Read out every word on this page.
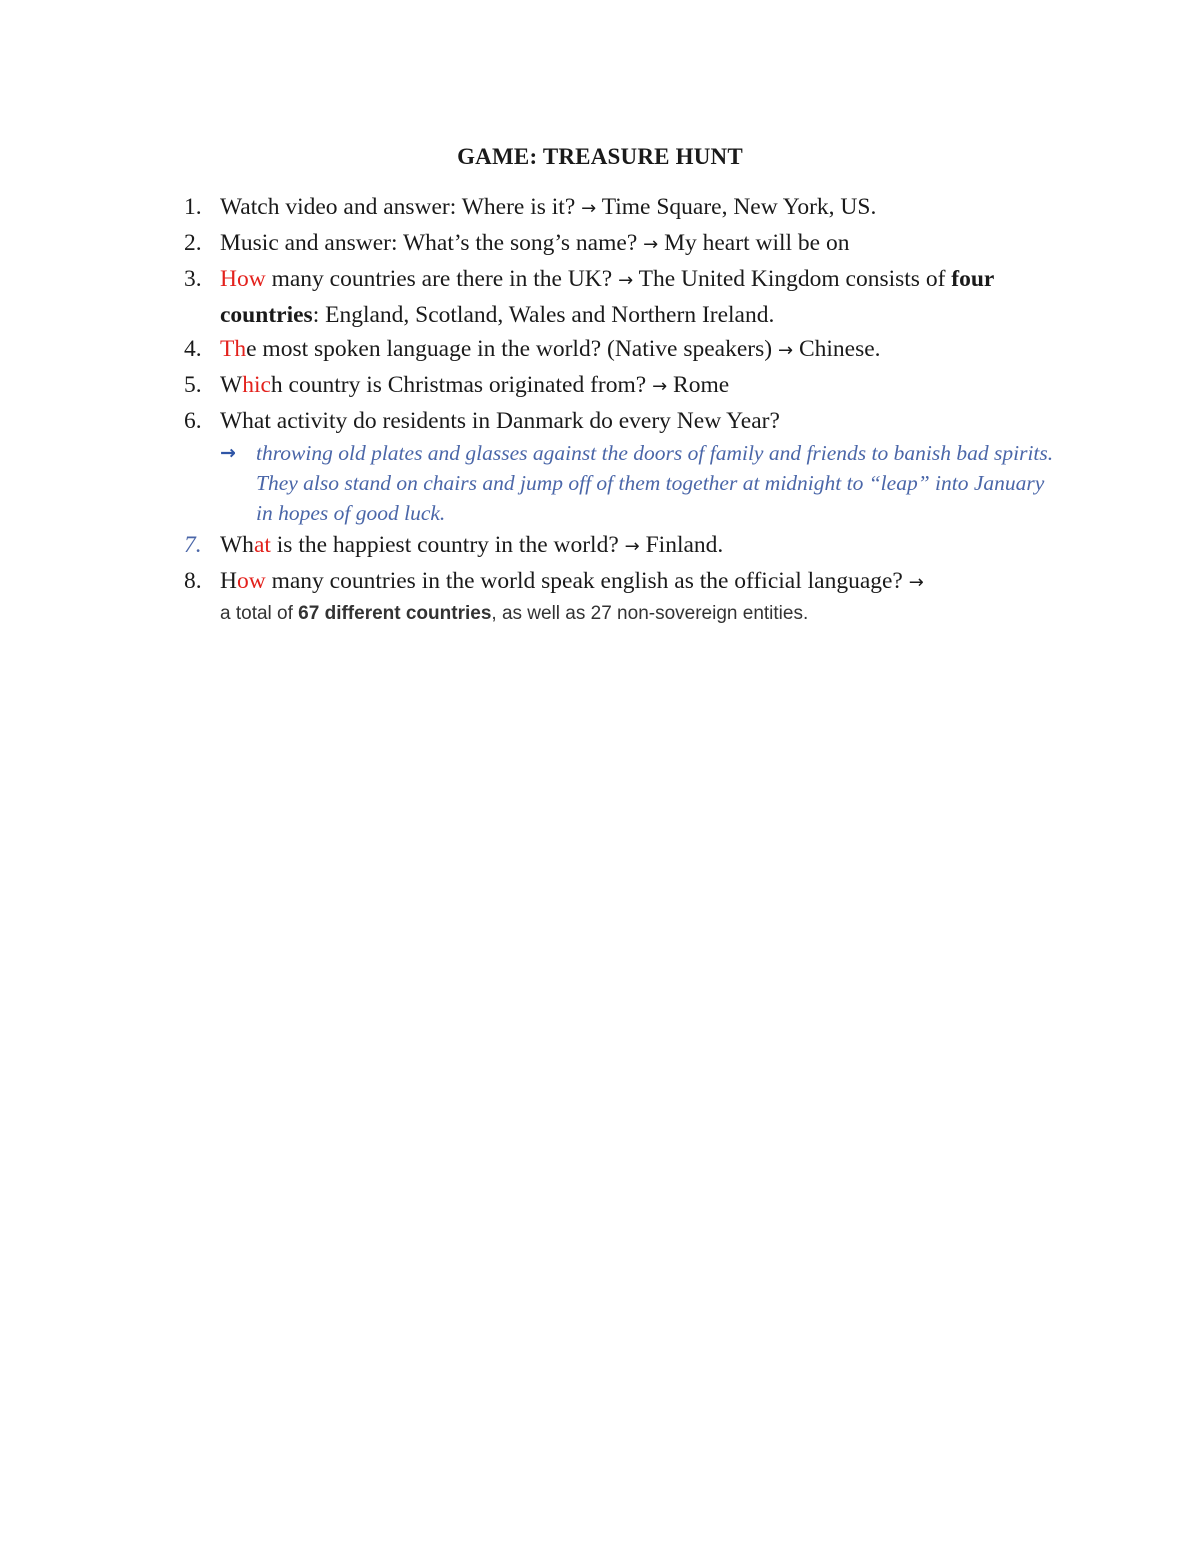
GAME: TREASURE HUNT
1. Watch video and answer: Where is it? → Time Square, New York, US.
2. Music and answer: What’s the song’s name? → My heart will be on
3. How many countries are there in the UK? → The United Kingdom consists of four countries: England, Scotland, Wales and Northern Ireland.
4. The most spoken language in the world? (Native speakers) → Chinese.
5. Which country is Christmas originated from? → Rome
6. What activity do residents in Danmark do every New Year?
→ throwing old plates and glasses against the doors of family and friends to banish bad spirits. They also stand on chairs and jump off of them together at midnight to “leap” into January in hopes of good luck.
7. What is the happiest country in the world? → Finland.
8. How many countries in the world speak english as the official language? →
a total of 67 different countries, as well as 27 non-sovereign entities.
